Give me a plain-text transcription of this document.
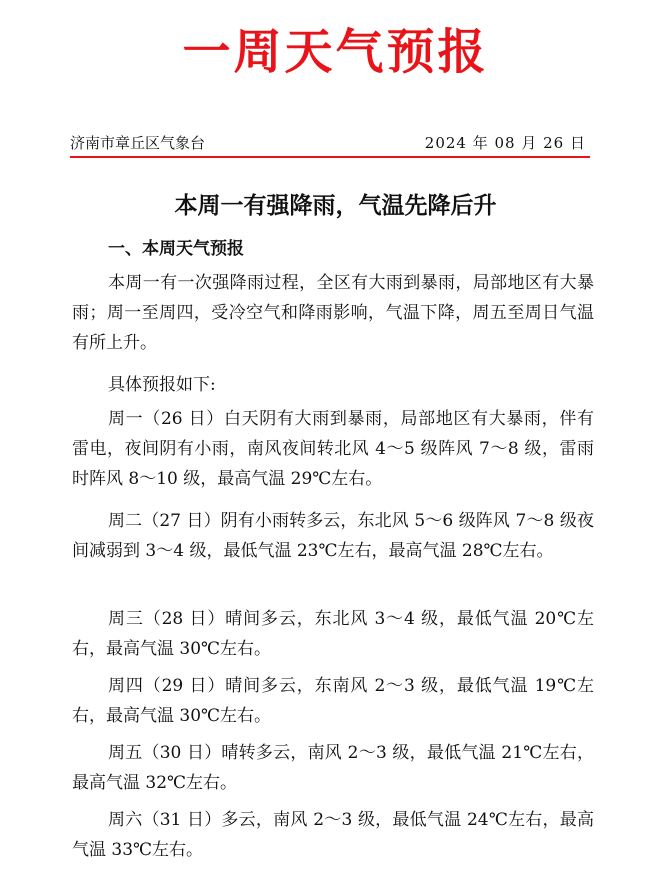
一周天气预报
济南市章丘区气象台	2024 年 08 月 26 日
本周一有强降雨，气温先降后升
一、本周天气预报

本周一有一次强降雨过程，全区有大雨到暴雨，局部地区有大暴雨；周一至周四，受冷空气和降雨影响，气温下降，周五至周日气温有所上升。

具体预报如下:

周一（26 日）白天阴有大雨到暴雨，局部地区有大暴雨，伴有雷电，夜间阴有小雨，南风夜间转北风 4～5 级阵风 7～8 级，雷雨时阵风 8～10 级，最高气温 29℃左右。

周二（27 日）阴有小雨转多云，东北风 5～6 级阵风 7～8 级夜间减弱到 3～4 级，最低气温 23℃左右，最高气温 28℃左右。

周三（28 日）晴间多云，东北风 3～4 级，最低气温 20℃左右，最高气温 30℃左右。

周四（29 日）晴间多云，东南风 2～3 级，最低气温 19℃左右，最高气温 30℃左右。

周五（30 日）晴转多云，南风 2～3 级，最低气温 21℃左右，最高气温 32℃左右。

周六（31 日）多云，南风 2～3 级，最低气温 24℃左右，最高气温 33℃左右。
